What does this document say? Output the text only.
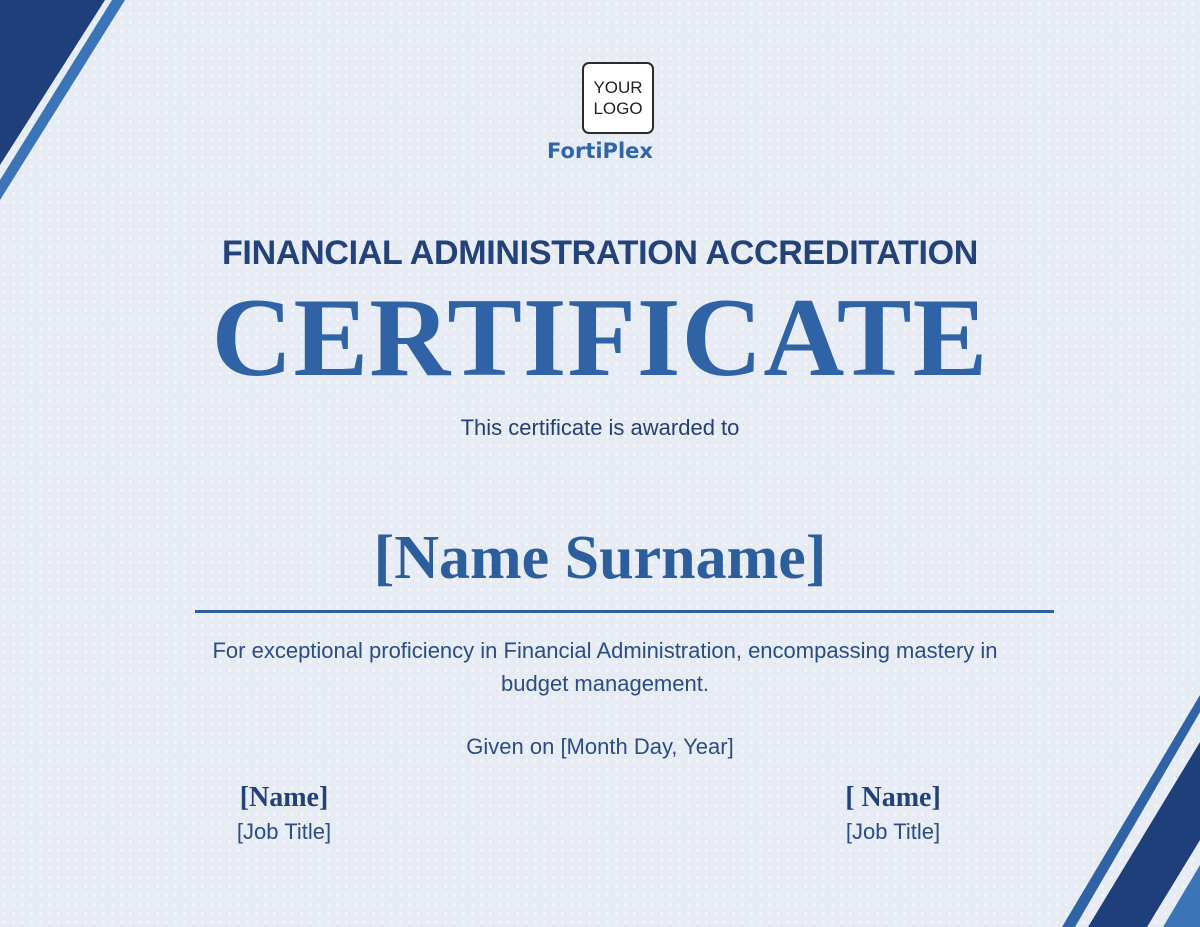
YOUR
LOGO
FortiPlex
FINANCIAL ADMINISTRATION ACCREDITATION
CERTIFICATE
This certificate is awarded to
[Name Surname]
For exceptional proficiency in Financial Administration, encompassing mastery in budget management.
Given on [Month Day, Year]
[Name]
[Job Title]
[ Name]
[Job Title]
